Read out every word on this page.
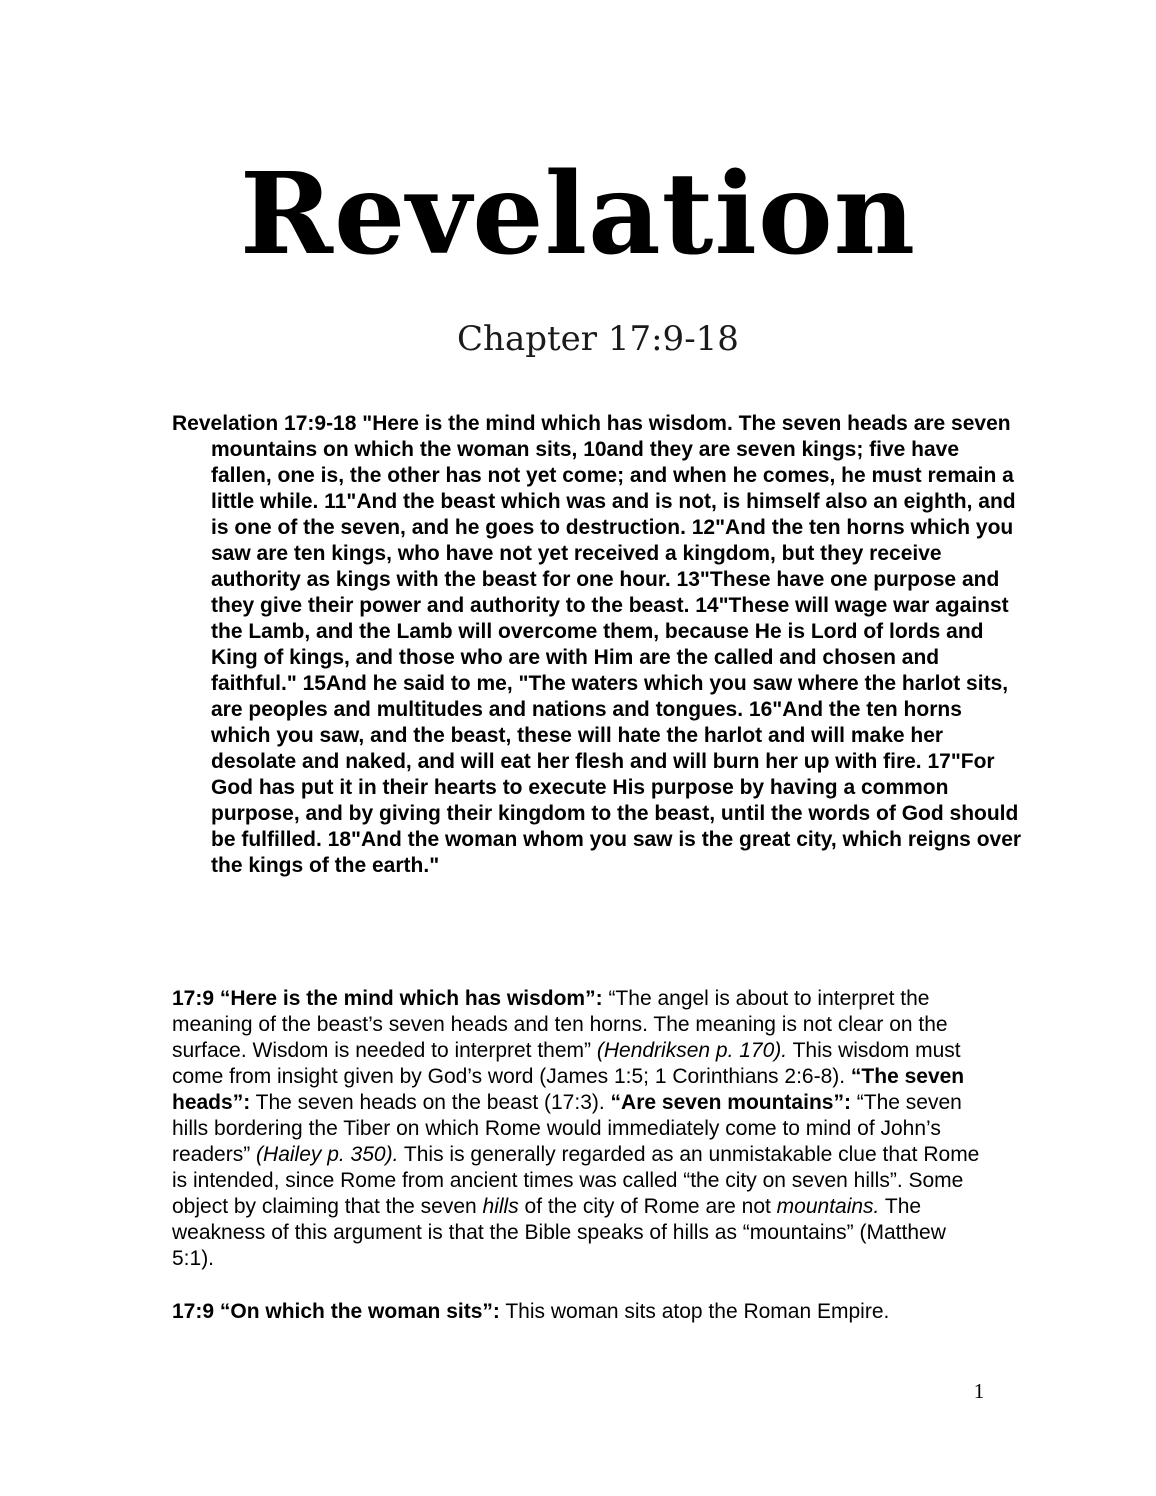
Revelation
Chapter 17:9-18

Revelation 17:9-18 "Here is the mind which has wisdom. The seven heads are seven mountains on which the woman sits, 10and they are seven kings; five have fallen, one is, the other has not yet come; and when he comes, he must remain a little while. 11"And the beast which was and is not, is himself also an eighth, and is one of the seven, and he goes to destruction. 12"And the ten horns which you saw are ten kings, who have not yet received a kingdom, but they receive authority as kings with the beast for one hour. 13"These have one purpose and they give their power and authority to the beast. 14"These will wage war against the Lamb, and the Lamb will overcome them, because He is Lord of lords and King of kings, and those who are with Him are the called and chosen and faithful." 15And he said to me, "The waters which you saw where the harlot sits, are peoples and multitudes and nations and tongues. 16"And the ten horns which you saw, and the beast, these will hate the harlot and will make her desolate and naked, and will eat her flesh and will burn her up with fire. 17"For God has put it in their hearts to execute His purpose by having a common purpose, and by giving their kingdom to the beast, until the words of God should be fulfilled. 18"And the woman whom you saw is the great city, which reigns over the kings of the earth."

17:9 “Here is the mind which has wisdom”: “The angel is about to interpret the meaning of the beast’s seven heads and ten horns. The meaning is not clear on the surface. Wisdom is needed to interpret them” (Hendriksen p. 170). This wisdom must come from insight given by God’s word (James 1:5; 1 Corinthians 2:6-8). “The seven heads”: The seven heads on the beast (17:3). “Are seven mountains”: “The seven hills bordering the Tiber on which Rome would immediately come to mind of John’s readers” (Hailey p. 350). This is generally regarded as an unmistakable clue that Rome is intended, since Rome from ancient times was called “the city on seven hills”. Some object by claiming that the seven hills of the city of Rome are not mountains. The weakness of this argument is that the Bible speaks of hills as “mountains” (Matthew 5:1).

17:9 “On which the woman sits”: This woman sits atop the Roman Empire.

1
